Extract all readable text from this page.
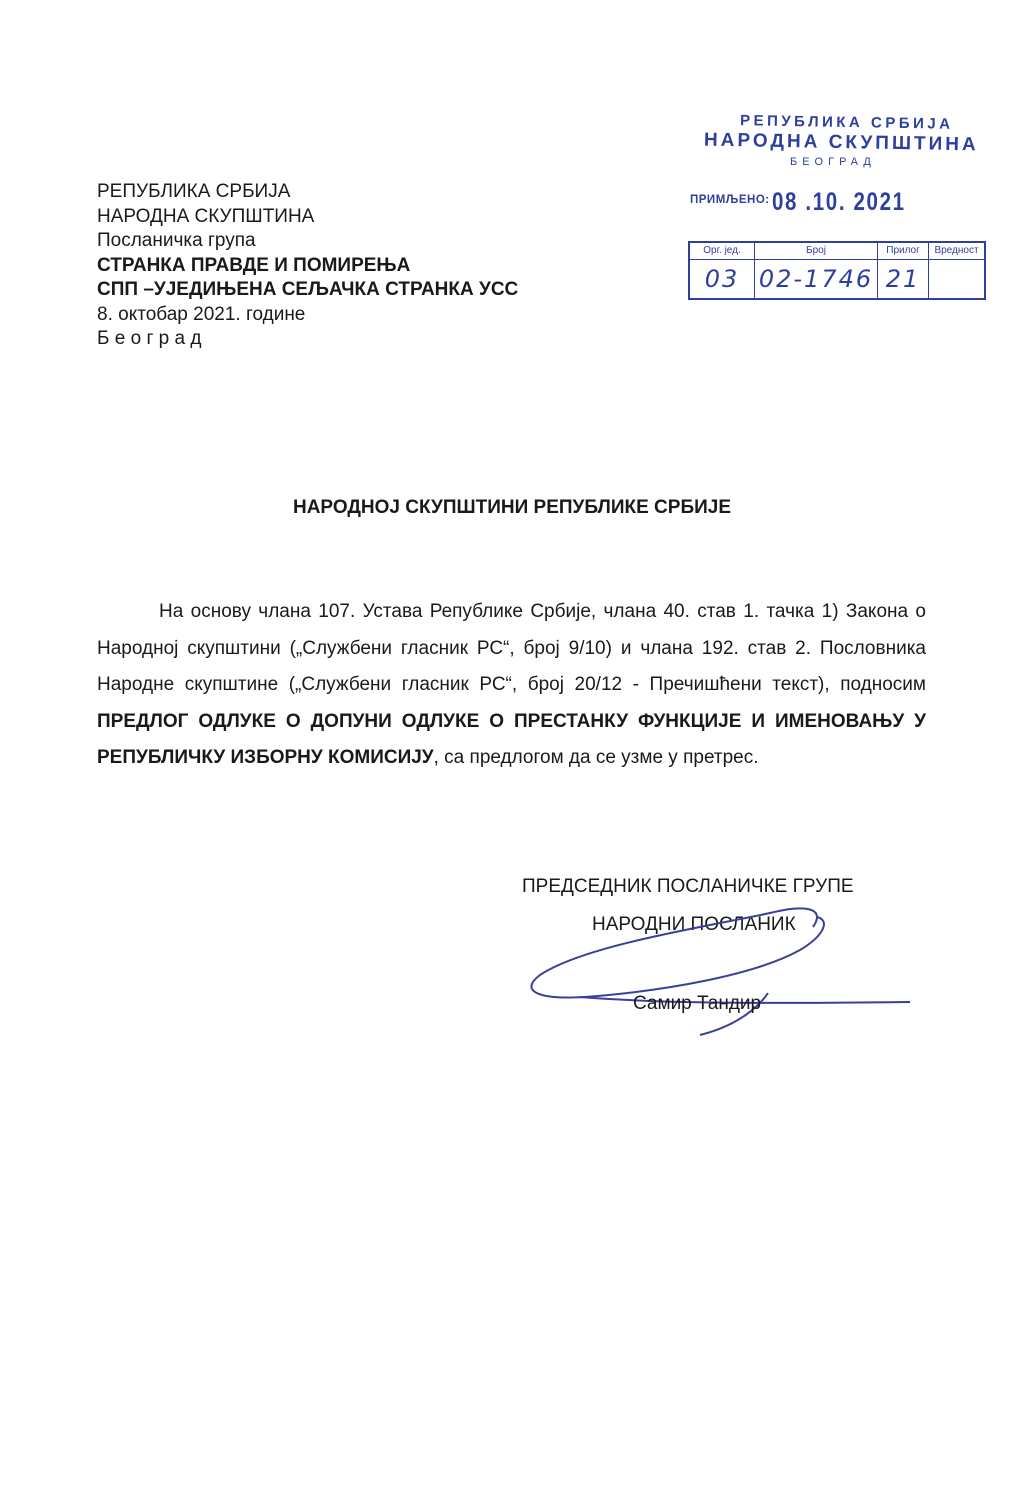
РЕПУБЛИКА СРБИЈА
НАРОДНА СКУПШТИНА
Посланичка група
СТРАНКА ПРАВДЕ И ПОМИРЕЊА
СПП –УЈЕДИЊЕНА СЕЉАЧКА СТРАНКА УСС
8. октобар 2021. године
Б е о г р а д
РЕПУБЛИКА СРБИЈА
НАРОДНА СКУПШТИНА
БЕОГРАД
ПРИМЉЕНО: 08 .10. 2021
Орг. јед.	Број	Прилог	Вредност
03	02-1746	21	
НАРОДНОЈ СКУПШТИНИ РЕПУБЛИКЕ СРБИЈЕ

На основу члана 107. Устава Републике Србије, члана 40. став 1. тачка 1) Закона о Народној скупштини („Службени гласник РС“, број 9/10) и члана 192. став 2. Пословника Народне скупштине („Службени гласник РС“, број 20/12 - Пречишћени текст), подносим ПРЕДЛОГ ОДЛУКЕ О ДОПУНИ ОДЛУКЕ О ПРЕСТАНКУ ФУНКЦИЈЕ И ИМЕНОВАЊУ У РЕПУБЛИЧКУ ИЗБОРНУ КОМИСИЈУ, са предлогом да се узме у претрес.

ПРЕДСЕДНИК ПОСЛАНИЧКЕ ГРУПЕ
НАРОДНИ ПОСЛАНИК
Самир Тандир
